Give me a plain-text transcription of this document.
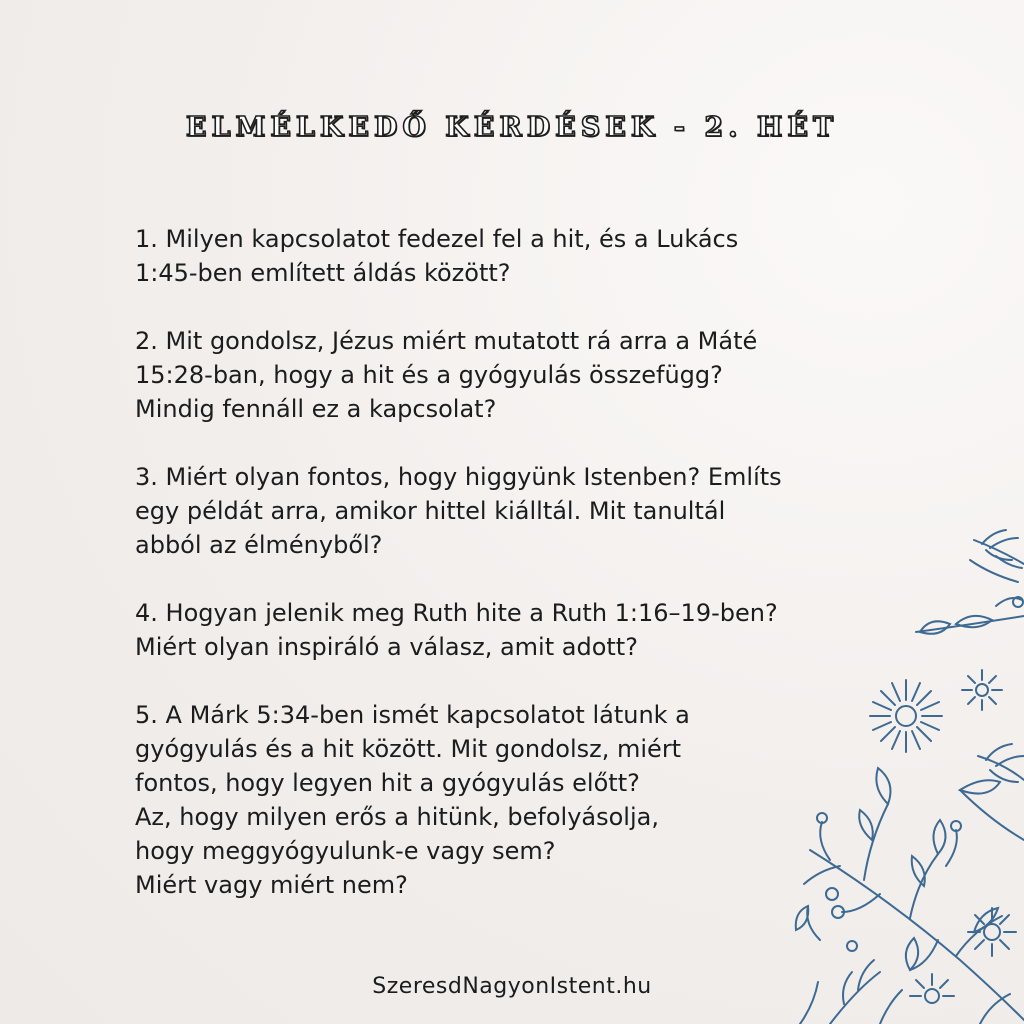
ELMÉLKEDŐ KÉRDÉSEK - 2. HÉT
1. Milyen kapcsolatot fedezel fel a hit, és a Lukács
1:45-ben említett áldás között?
2. Mit gondolsz, Jézus miért mutatott rá arra a Máté
15:28-ban, hogy a hit és a gyógyulás összefügg?
Mindig fennáll ez a kapcsolat?
3. Miért olyan fontos, hogy higgyünk Istenben? Említs
egy példát arra, amikor hittel kiálltál. Mit tanultál
abból az élményből?
4. Hogyan jelenik meg Ruth hite a Ruth 1:16–19-ben?
Miért olyan inspiráló a válasz, amit adott?
5. A Márk 5:34-ben ismét kapcsolatot látunk a
gyógyulás és a hit között. Mit gondolsz, miért
fontos, hogy legyen hit a gyógyulás előtt?
Az, hogy milyen erős a hitünk, befolyásolja,
hogy meggyógyulunk-e vagy sem?
Miért vagy miért nem?
SzeresdNagyonIstent.hu
